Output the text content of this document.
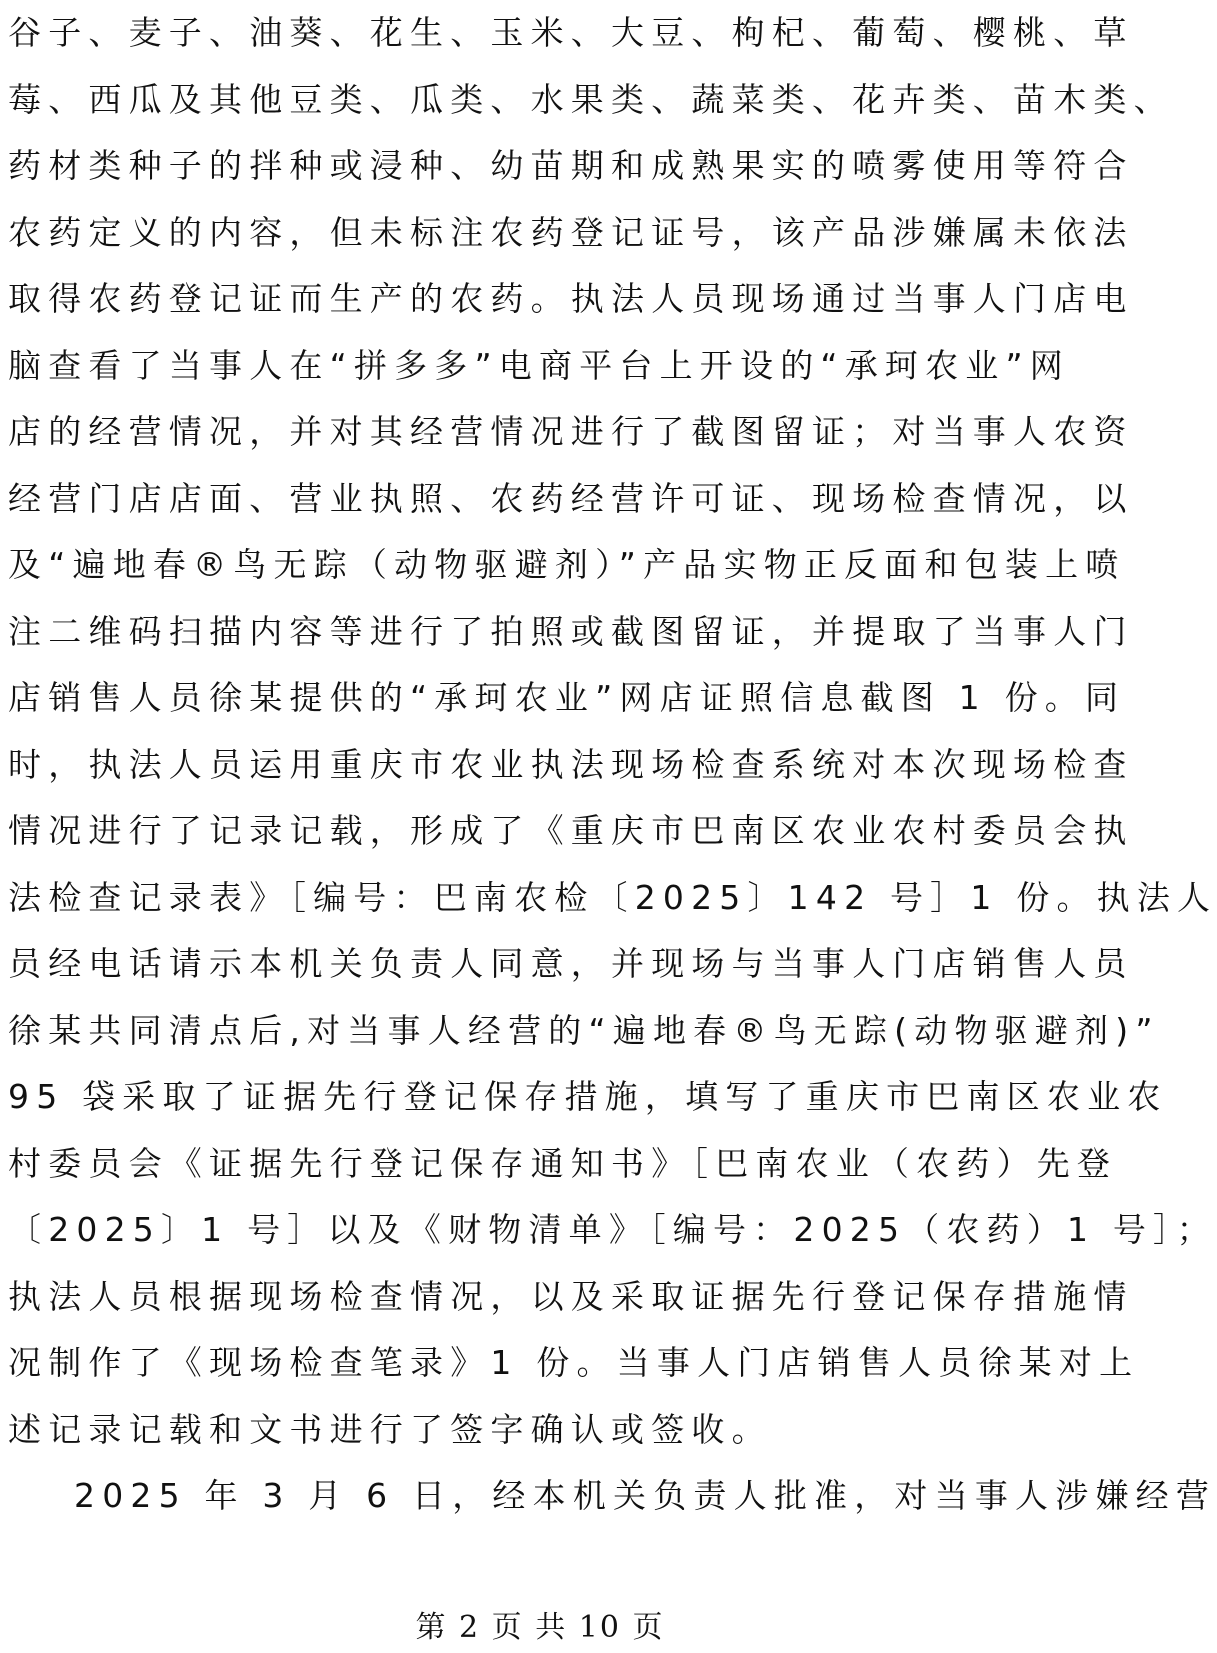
谷子、麦子、油葵、花生、玉米、大豆、枸杞、葡萄、樱桃、草

莓、西瓜及其他豆类、瓜类、水果类、蔬菜类、花卉类、苗木类、

药材类种子的拌种或浸种、幼苗期和成熟果实的喷雾使用等符合

农药定义的内容，但未标注农药登记证号，该产品涉嫌属未依法

取得农药登记证而生产的农药。执法人员现场通过当事人门店电

脑查看了当事人在“拼多多”电商平台上开设的“承珂农业”网

店的经营情况，并对其经营情况进行了截图留证；对当事人农资

经营门店店面、营业执照、农药经营许可证、现场检查情况，以

及“遍地春®鸟无踪（动物驱避剂）”产品实物正反面和包装上喷

注二维码扫描内容等进行了拍照或截图留证，并提取了当事人门

店销售人员徐某提供的“承珂农业”网店证照信息截图 1 份。同

时，执法人员运用重庆市农业执法现场检查系统对本次现场检查

情况进行了记录记载，形成了《重庆市巴南区农业农村委员会执

法检查记录表》［编号：巴南农检〔2025〕142 号］1 份。执法人

员经电话请示本机关负责人同意，并现场与当事人门店销售人员

徐某共同清点后,对当事人经营的“遍地春®鸟无踪(动物驱避剂)”

95 袋采取了证据先行登记保存措施，填写了重庆市巴南区农业农

村委员会《证据先行登记保存通知书》［巴南农业（农药）先登

〔2025〕1 号］以及《财物清单》［编号：2025（农药）1 号］；

执法人员根据现场检查情况，以及采取证据先行登记保存措施情

况制作了《现场检查笔录》1 份。当事人门店销售人员徐某对上

述记录记载和文书进行了签字确认或签收。

2025 年 3 月 6 日，经本机关负责人批准，对当事人涉嫌经营

第 2 页 共 10 页
